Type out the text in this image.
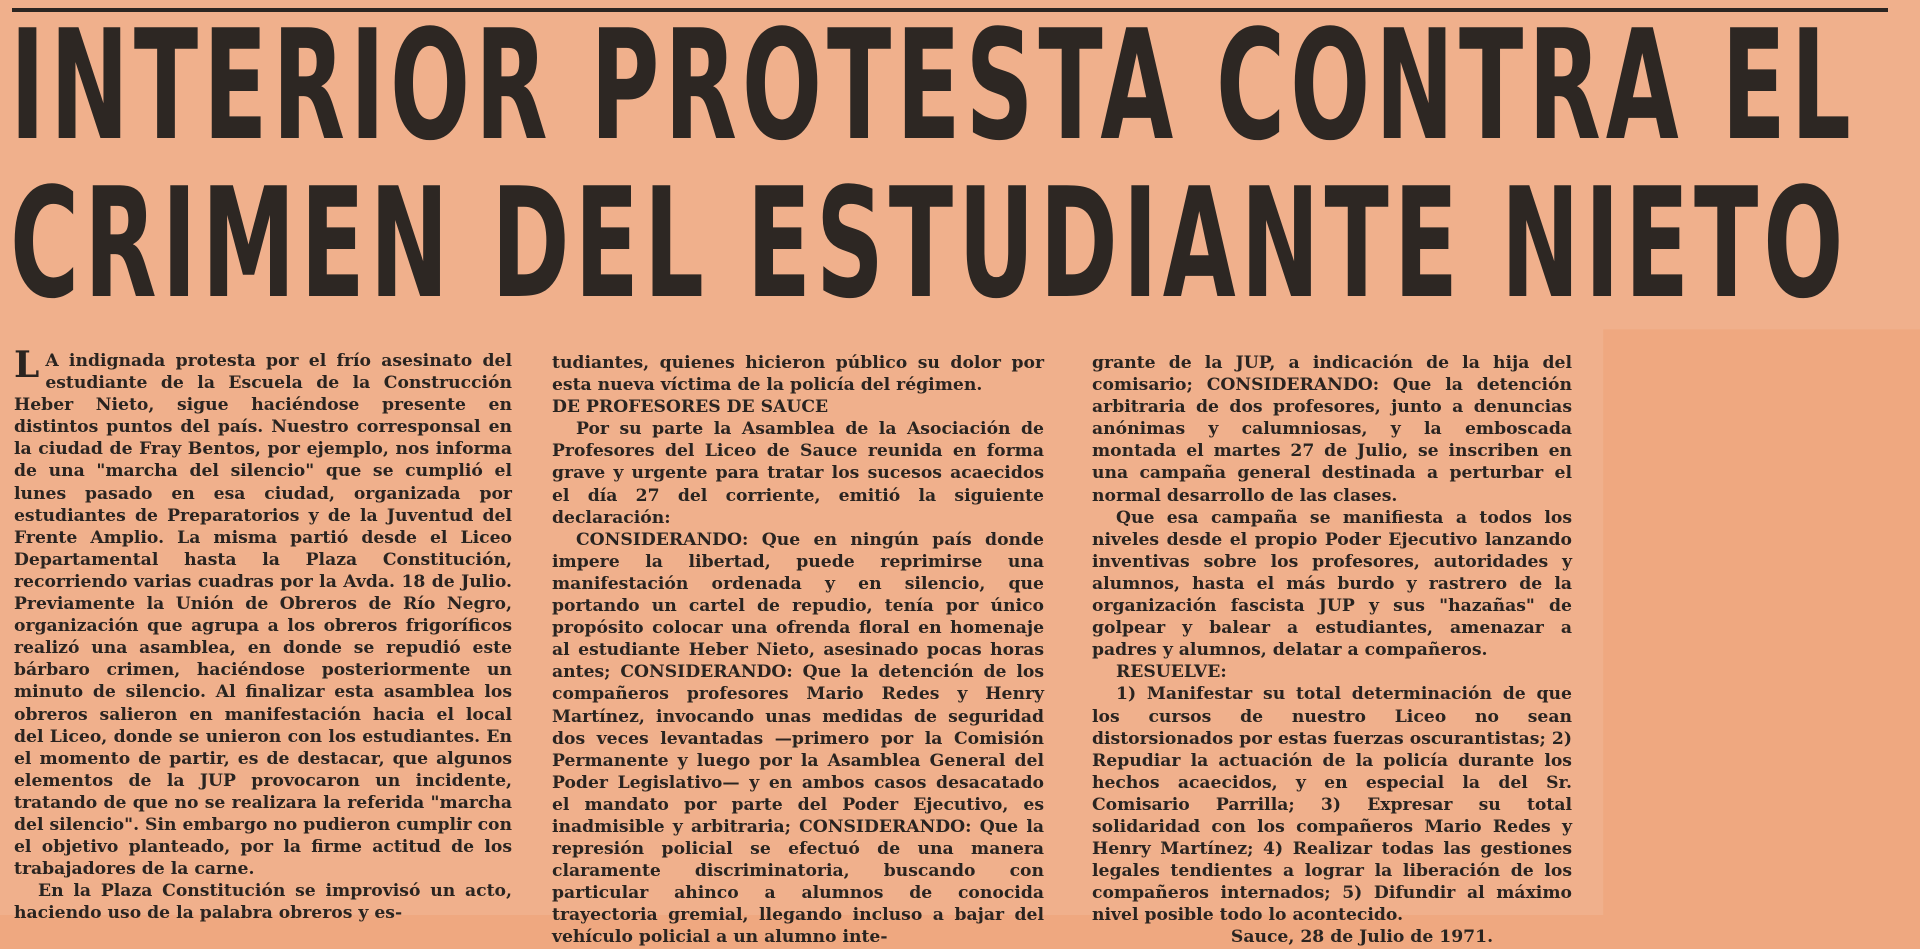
INTERIOR PROTESTA CONTRA EL
CRIMEN DEL ESTUDIANTE NIETO

L A indignada protesta por el frío asesinato del estudiante de la Escuela de la Construcción Heber Nieto, sigue haciéndose presente en distintos puntos del país. Nuestro corresponsal en la ciudad de Fray Bentos, por ejemplo, nos informa de una "marcha del silencio" que se cumplió el lunes pasado en esa ciudad, organizada por estudiantes de Preparatorios y de la Juventud del Frente Amplio. La misma partió desde el Liceo Departamental hasta la Plaza Constitución, recorriendo varias cuadras por la Avda. 18 de Julio. Previamente la Unión de Obreros de Río Negro, organización que agrupa a los obreros frigoríficos realizó una asamblea, en donde se repudió este bárbaro crimen, haciéndose posteriormente un minuto de silencio. Al finalizar esta asamblea los obreros salieron en manifestación hacia el local del Liceo, donde se unieron con los estudiantes. En el momento de partir, es de destacar, que algunos elementos de la JUP provocaron un incidente, tratando de que no se realizara la referida "marcha del silencio". Sin embargo no pudieron cumplir con el objetivo planteado, por la firme actitud de los trabajadores de la carne.

En la Plaza Constitución se improvisó un acto, haciendo uso de la palabra obreros y es-

tudiantes, quienes hicieron público su dolor por esta nueva víctima de la policía del régimen.

DE PROFESORES DE SAUCE

Por su parte la Asamblea de la Asociación de Profesores del Liceo de Sauce reunida en forma grave y urgente para tratar los sucesos acaecidos el día 27 del corriente, emitió la siguiente declaración:

CONSIDERANDO: Que en ningún país donde impere la libertad, puede reprimirse una manifestación ordenada y en silencio, que portando un cartel de repudio, tenía por único propósito colocar una ofrenda floral en homenaje al estudiante Heber Nieto, asesinado pocas horas antes; CONSIDERANDO: Que la detención de los compañeros profesores Mario Redes y Henry Martínez, invocando unas medidas de seguridad dos veces levantadas —primero por la Comisión Permanente y luego por la Asamblea General del Poder Legislativo— y en ambos casos desacatado el mandato por parte del Poder Ejecutivo, es inadmisible y arbitraria; CONSIDERANDO: Que la represión policial se efectuó de una manera claramente discriminatoria, buscando con particular ahinco a alumnos de conocida trayectoria gremial, llegando incluso a bajar del vehículo policial a un alumno inte-

grante de la JUP, a indicación de la hija del comisario; CONSIDERANDO: Que la detención arbitraria de dos profesores, junto a denuncias anónimas y calumniosas, y la emboscada montada el martes 27 de Julio, se inscriben en una campaña general destinada a perturbar el normal desarrollo de las clases.

Que esa campaña se manifiesta a todos los niveles desde el propio Poder Ejecutivo lanzando inventivas sobre los profesores, autoridades y alumnos, hasta el más burdo y rastrero de la organización fascista JUP y sus "hazañas" de golpear y balear a estudiantes, amenazar a padres y alumnos, delatar a compañeros.

RESUELVE:

1) Manifestar su total determinación de que los cursos de nuestro Liceo no sean distorsionados por estas fuerzas oscurantistas; 2) Repudiar la actuación de la policía durante los hechos acaecidos, y en especial la del Sr. Comisario Parrilla; 3) Expresar su total solidaridad con los compañeros Mario Redes y Henry Martínez; 4) Realizar todas las gestiones legales tendientes a lograr la liberación de los compañeros internados; 5) Difundir al máximo nivel posible todo lo acontecido.

Sauce, 28 de Julio de 1971.
